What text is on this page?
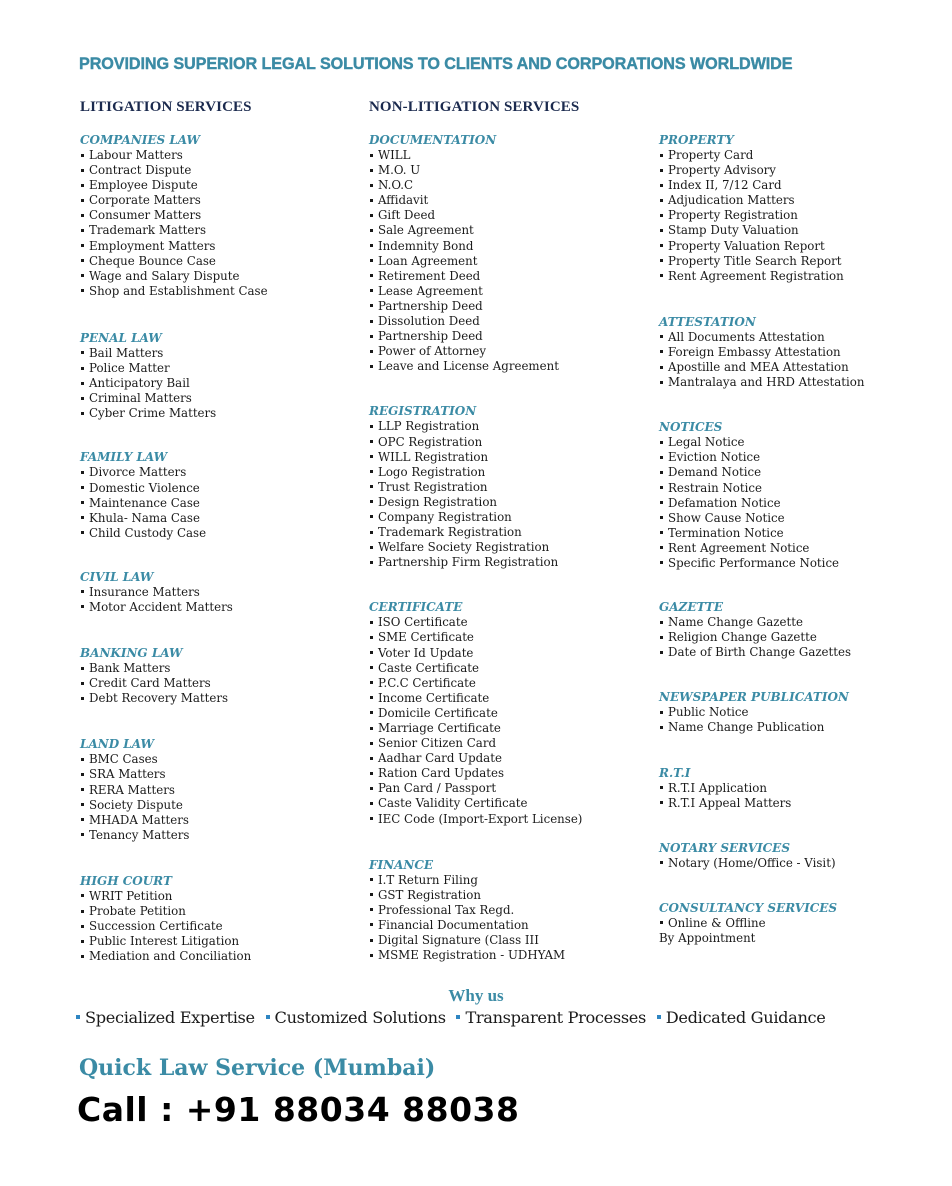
PROVIDING SUPERIOR LEGAL SOLUTIONS TO CLIENTS AND CORPORATIONS WORLDWIDE
LITIGATION SERVICES	NON-LITIGATION SERVICES
COMPANIES LAW
Labour Matters
Contract Dispute
Employee Dispute
Corporate Matters
Consumer Matters
Trademark Matters
Employment Matters
Cheque Bounce Case
Wage and Salary Dispute
Shop and Establishment Case
PENAL LAW
Bail Matters
Police Matter
Anticipatory Bail
Criminal Matters
Cyber Crime Matters
FAMILY LAW
Divorce Matters
Domestic Violence
Maintenance Case
Khula- Nama Case
Child Custody Case
CIVIL LAW
Insurance Matters
Motor Accident Matters
BANKING LAW
Bank Matters
Credit Card Matters
Debt Recovery Matters
LAND LAW
BMC Cases
SRA Matters
RERA Matters
Society Dispute
MHADA Matters
Tenancy Matters
HIGH COURT
WRIT Petition
Probate Petition
Succession Certificate
Public Interest Litigation
Mediation and Conciliation
DOCUMENTATION
WILL
M.O. U
N.O.C
Affidavit
Gift Deed
Sale Agreement
Indemnity Bond
Loan Agreement
Retirement Deed
Lease Agreement
Partnership Deed
Dissolution Deed
Partnership Deed
Power of Attorney
Leave and License Agreement
REGISTRATION
LLP Registration
OPC Registration
WILL Registration
Logo Registration
Trust Registration
Design Registration
Company Registration
Trademark Registration
Welfare Society Registration
Partnership Firm Registration
CERTIFICATE
ISO Certificate
SME Certificate
Voter Id Update
Caste Certificate
P.C.C Certificate
Income Certificate
Domicile Certificate
Marriage Certificate
Senior Citizen Card
Aadhar Card Update
Ration Card Updates
Pan Card / Passport
Caste Validity Certificate
IEC Code (Import-Export License)
FINANCE
I.T Return Filing
GST Registration
Professional Tax Regd.
Financial Documentation
Digital Signature (Class III
MSME Registration - UDHYAM
PROPERTY
Property Card
Property Advisory
Index II, 7/12 Card
Adjudication Matters
Property Registration
Stamp Duty Valuation
Property Valuation Report
Property Title Search Report
Rent Agreement Registration
ATTESTATION
All Documents Attestation
Foreign Embassy Attestation
Apostille and MEA Attestation
Mantralaya and HRD Attestation
NOTICES
Legal Notice
Eviction Notice
Demand Notice
Restrain Notice
Defamation Notice
Show Cause Notice
Termination Notice
Rent Agreement Notice
Specific Performance Notice
GAZETTE
Name Change Gazette
Religion Change Gazette
Date of Birth Change Gazettes
NEWSPAPER PUBLICATION
Public Notice
Name Change Publication
R.T.I
R.T.I Application
R.T.I Appeal Matters
NOTARY SERVICES
Notary (Home/Office - Visit)
CONSULTANCY SERVICES
Online & Offline
By Appointment
Why us
Specialized Expertise Customized Solutions Transparent Processes Dedicated Guidance
Quick Law Service (Mumbai)
Call : +91 88034 88038
